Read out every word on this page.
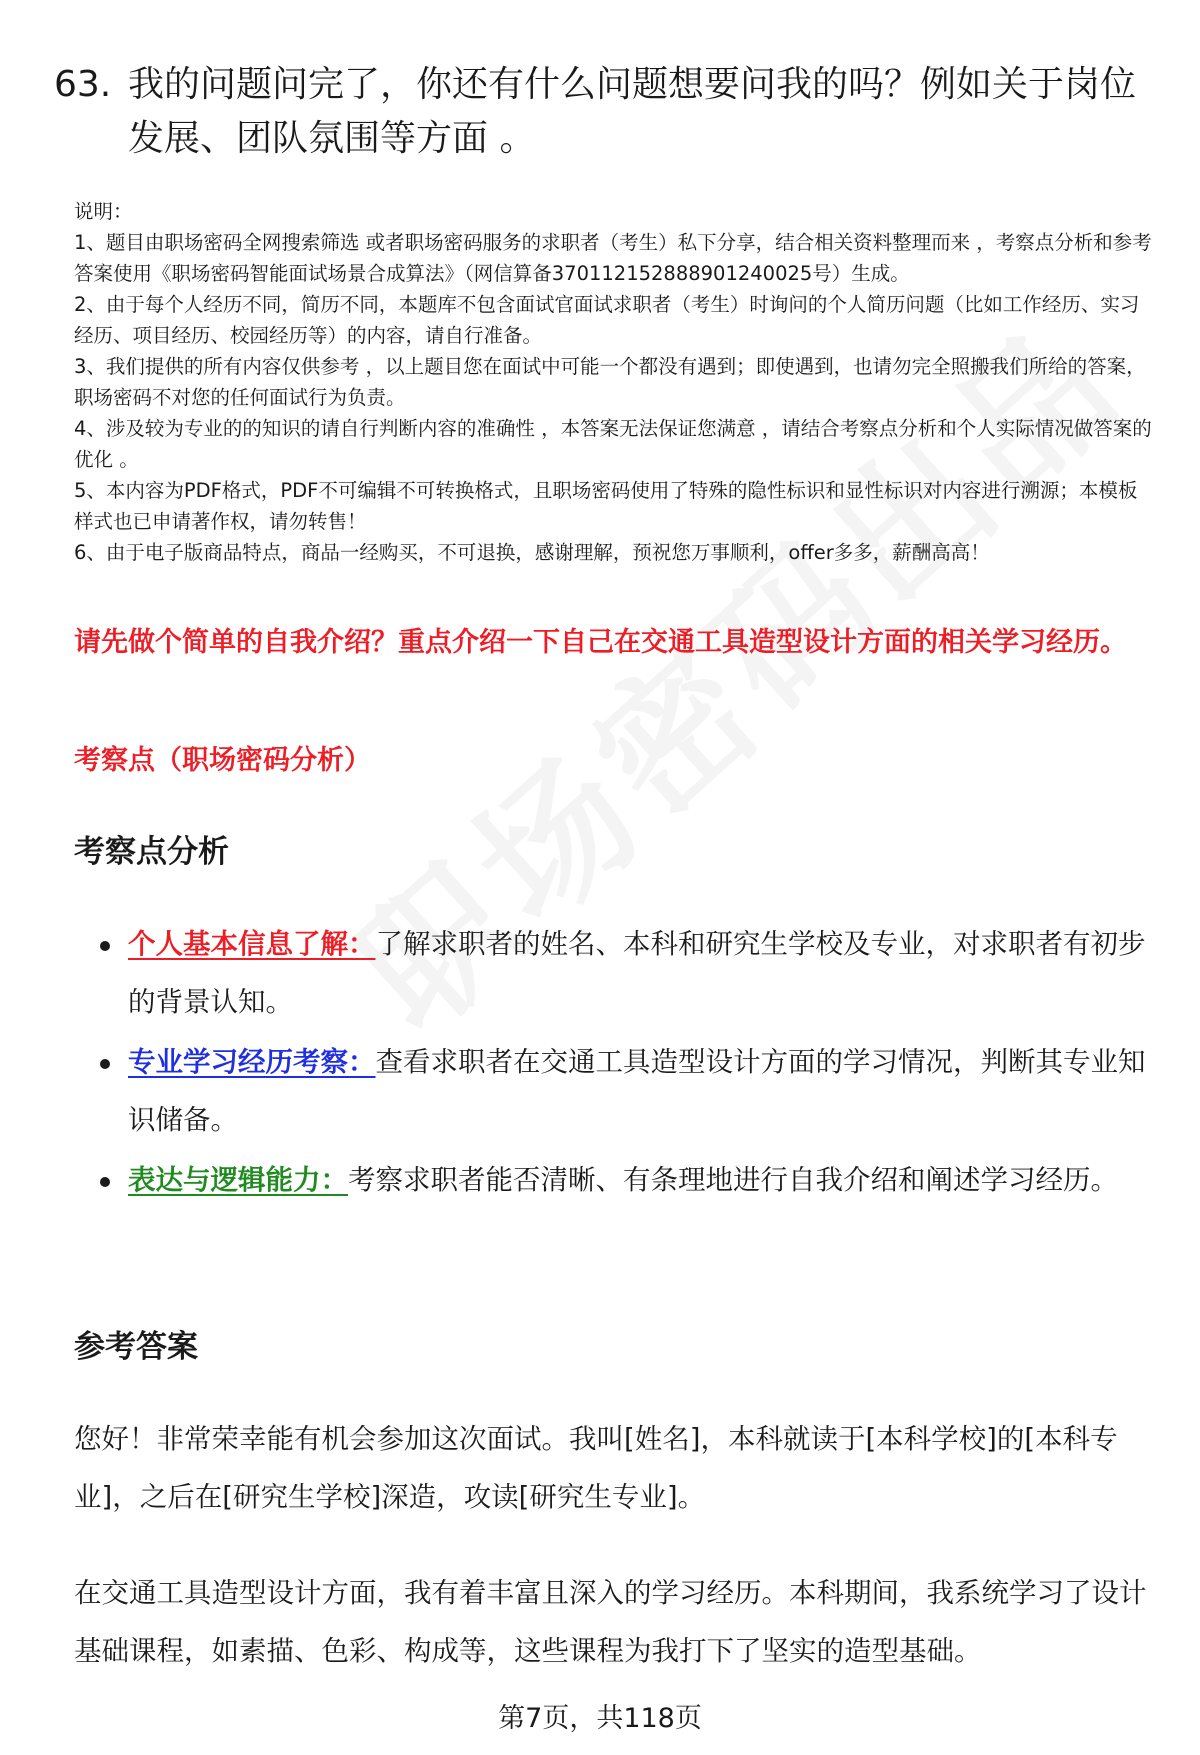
63. 我的问题问完了，你还有什么问题想要问我的吗？例如关于岗位发展、团队氛围等方面 。

说明：

1、题目由职场密码全网搜索筛选 或者职场密码服务的求职者（考生）私下分享，结合相关资料整理而来 ，考察点分析和参考答案使用《职场密码智能面试场景合成算法》（网信算备370112152888901240025号）生成。

2、由于每个人经历不同，简历不同，本题库不包含面试官面试求职者（考生）时询问的个人简历问题（比如工作经历、实习经历、项目经历、校园经历等）的内容，请自行准备。

3、我们提供的所有内容仅供参考 ，以上题目您在面试中可能一个都没有遇到；即使遇到，也请勿完全照搬我们所给的答案，职场密码不对您的任何面试行为负责。

4、涉及较为专业的的知识的请自行判断内容的准确性 ，本答案无法保证您满意 ，请结合考察点分析和个人实际情况做答案的优化 。

5、本内容为PDF格式，PDF不可编辑不可转换格式，且职场密码使用了特殊的隐性标识和显性标识对内容进行溯源；本模板样式也已申请著作权，请勿转售！

6、由于电子版商品特点，商品一经购买，不可退换，感谢理解，预祝您万事顺利，offer多多，薪酬高高！

请先做个简单的自我介绍？重点介绍一下自己在交通工具造型设计方面的相关学习经历。
考察点（职场密码分析）
考察点分析
个人基本信息了解：了解求职者的姓名、本科和研究生学校及专业，对求职者有初步的背景认知。
专业学习经历考察：查看求职者在交通工具造型设计方面的学习情况，判断其专业知识储备。
表达与逻辑能力：考察求职者能否清晰、有条理地进行自我介绍和阐述学习经历。
参考答案

您好！非常荣幸能有机会参加这次面试。我叫[姓名]，本科就读于[本科学校]的[本科专业]，之后在[研究生学校]深造，攻读[研究生专业]。

在交通工具造型设计方面，我有着丰富且深入的学习经历。本科期间，我系统学习了设计基础课程，如素描、色彩、构成等，这些课程为我打下了坚实的造型基础。

第7页，共118页
